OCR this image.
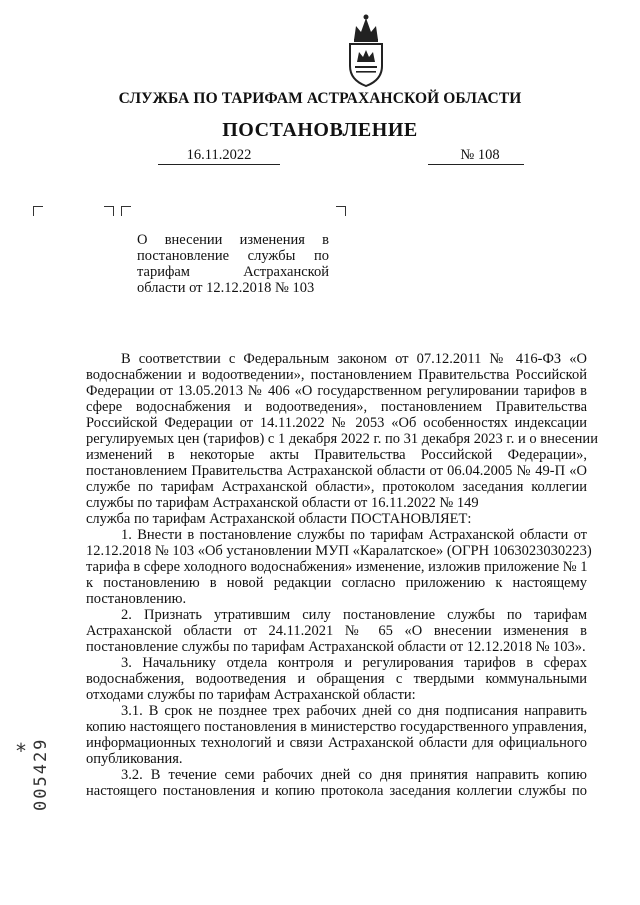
СЛУЖБА ПО ТАРИФАМ АСТРАХАНСКОЙ ОБЛАСТИ
ПОСТАНОВЛЕНИЕ
16.11.2022	№ 108
О внесении изменения в постановление службы по тарифам Астраханской области от 12.12.2018 № 103
В соответствии с Федеральным законом от 07.12.2011 № 416-ФЗ «О
водоснабжении и водоотведении», постановлением Правительства Российской
Федерации от 13.05.2013 № 406 «О государственном регулировании тарифов в
сфере водоснабжения и водоотведения», постановлением Правительства
Российской Федерации от 14.11.2022 № 2053 «Об особенностях индексации
регулируемых цен (тарифов) с 1 декабря 2022 г. по 31 декабря 2023 г. и о внесении
изменений в некоторые акты Правительства Российской Федерации»,
постановлением Правительства Астраханской области от 06.04.2005 № 49-П «О
службе по тарифам Астраханской области», протоколом заседания коллегии
службы по тарифам Астраханской области от 16.11.2022 № 149
служба по тарифам Астраханской области ПОСТАНОВЛЯЕТ:
1. Внести в постановление службы по тарифам Астраханской области от
12.12.2018 № 103 «Об установлении МУП «Каралатское» (ОГРН 1063023030223)
тарифа в сфере холодного водоснабжения» изменение, изложив приложение № 1
к постановлению в новой редакции согласно приложению к настоящему
постановлению.
2. Признать утратившим силу постановление службы по тарифам
Астраханской области от 24.11.2021 № 65 «О внесении изменения в
постановление службы по тарифам Астраханской области от 12.12.2018 № 103».
3. Начальнику отдела контроля и регулирования тарифов в сферах
водоснабжения, водоотведения и обращения с твердыми коммунальными
отходами службы по тарифам Астраханской области:
3.1. В срок не позднее трех рабочих дней со дня подписания направить
копию настоящего постановления в министерство государственного управления,
информационных технологий и связи Астраханской области для официального
опубликования.
3.2. В течение семи рабочих дней со дня принятия направить копию
настоящего постановления и копию протокола заседания коллегии службы по
* 005429
